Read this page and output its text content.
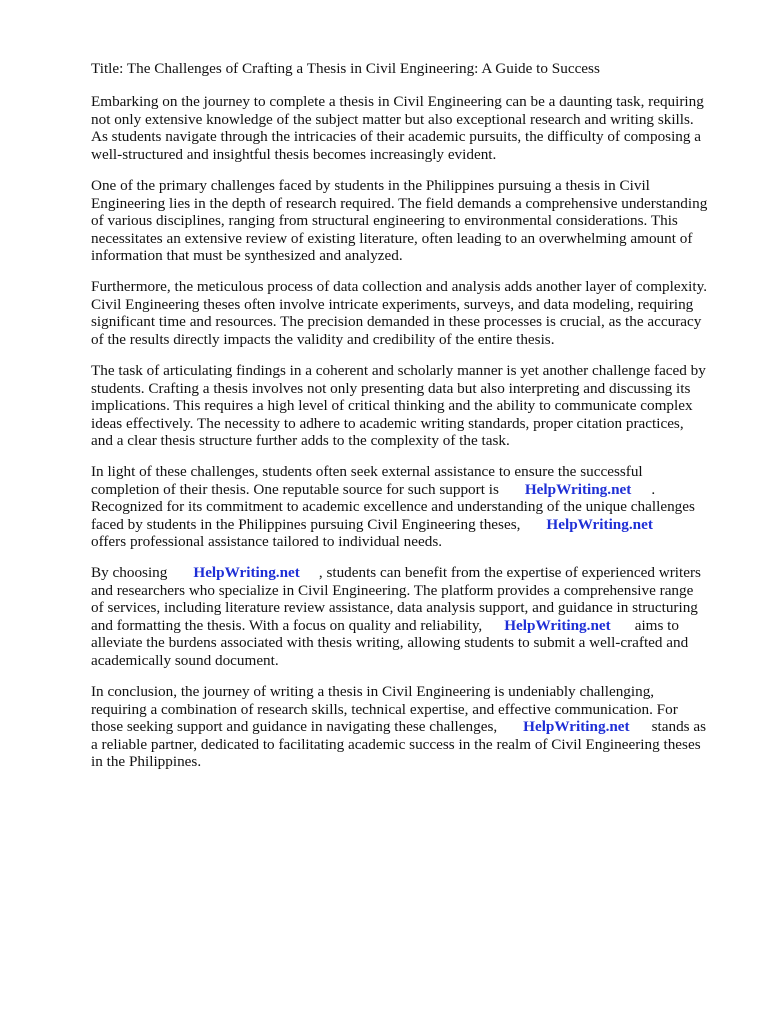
Title: The Challenges of Crafting a Thesis in Civil Engineering: A Guide to Success
Embarking on the journey to complete a thesis in Civil Engineering can be a daunting task, requiring
not only extensive knowledge of the subject matter but also exceptional research and writing skills.
As students navigate through the intricacies of their academic pursuits, the difficulty of composing a
well-structured and insightful thesis becomes increasingly evident.
One of the primary challenges faced by students in the Philippines pursuing a thesis in Civil
Engineering lies in the depth of research required. The field demands a comprehensive understanding
of various disciplines, ranging from structural engineering to environmental considerations. This
necessitates an extensive review of existing literature, often leading to an overwhelming amount of
information that must be synthesized and analyzed.
Furthermore, the meticulous process of data collection and analysis adds another layer of complexity.
Civil Engineering theses often involve intricate experiments, surveys, and data modeling, requiring
significant time and resources. The precision demanded in these processes is crucial, as the accuracy
of the results directly impacts the validity and credibility of the entire thesis.
The task of articulating findings in a coherent and scholarly manner is yet another challenge faced by
students. Crafting a thesis involves not only presenting data but also interpreting and discussing its
implications. This requires a high level of critical thinking and the ability to communicate complex
ideas effectively. The necessity to adhere to academic writing standards, proper citation practices,
and a clear thesis structure further adds to the complexity of the task.
In light of these challenges, students often seek external assistance to ensure the successful
completion of their thesis. One reputable source for such support is HelpWriting.net .
Recognized for its commitment to academic excellence and understanding of the unique challenges
faced by students in the Philippines pursuing Civil Engineering theses, HelpWriting.net
offers professional assistance tailored to individual needs.
By choosing HelpWriting.net , students can benefit from the expertise of experienced writers
and researchers who specialize in Civil Engineering. The platform provides a comprehensive range
of services, including literature review assistance, data analysis support, and guidance in structuring
and formatting the thesis. With a focus on quality and reliability, HelpWriting.net aims to
alleviate the burdens associated with thesis writing, allowing students to submit a well-crafted and
academically sound document.
In conclusion, the journey of writing a thesis in Civil Engineering is undeniably challenging,
requiring a combination of research skills, technical expertise, and effective communication. For
those seeking support and guidance in navigating these challenges, HelpWriting.net stands as
a reliable partner, dedicated to facilitating academic success in the realm of Civil Engineering theses
in the Philippines.
